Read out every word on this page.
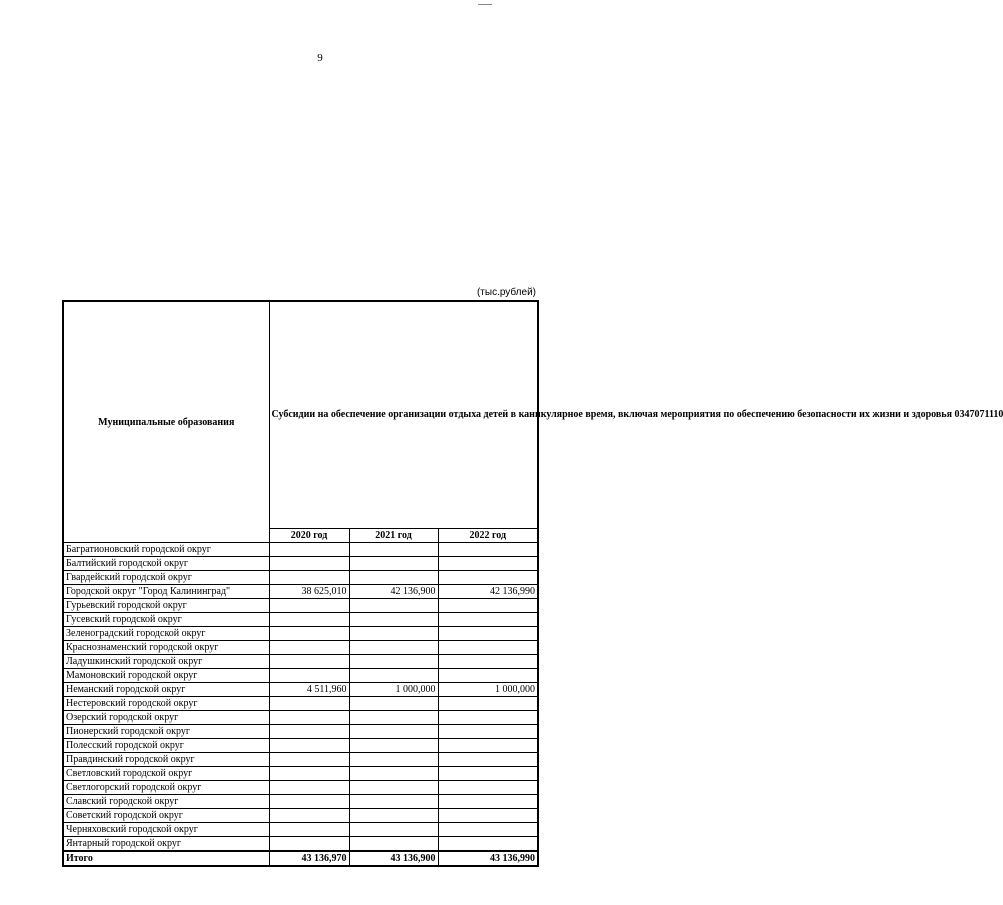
9
(тыс.рублей)
Муниципальные образования	Субсидии на обеспечение организации отдыха детей в каникулярное время, включая мероприятия по обеспечению безопасности их жизни и здоровья 0347071110		
	2020 год	2021 год	2022 год
Багратионовский городской округ			
Балтийский городской округ			
Гвардейский городской округ			
Городской округ "Город Калининград"	38 625,010	42 136,900	42 136,990
Гурьевский городской округ			
Гусевский городской округ			
Зеленоградский городской округ			
Краснознаменский городской округ			
Ладушкинский городской округ			
Мамоновский городской округ			
Неманский городской округ	4 511,960	1 000,000	1 000,000
Нестеровский городской округ			
Озерский городской округ			
Пионерский городской округ			
Полесский городской округ			
Правдинский городской округ			
Светловский городской округ			
Светлогорский городской округ			
Славский городской округ			
Советский городской округ			
Черняховский городской округ			
Янтарный городской округ			
Итого	43 136,970	43 136,900	43 136,990
